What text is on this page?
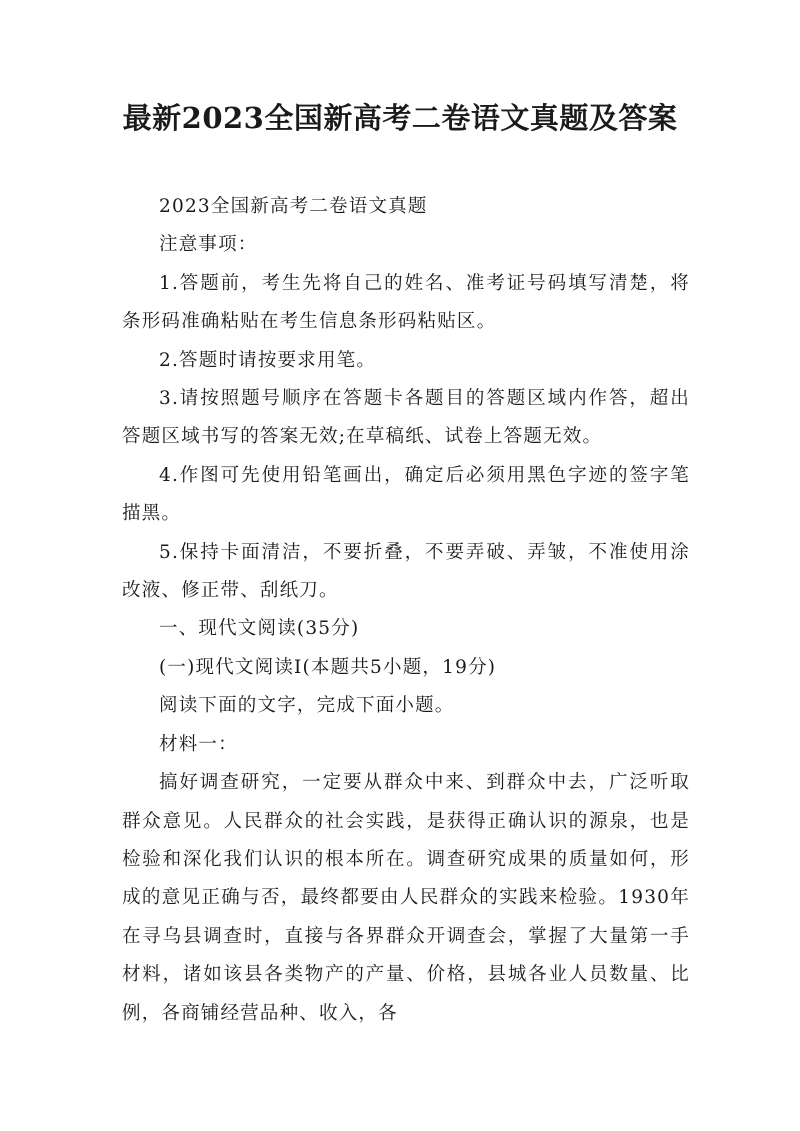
最新2023全国新高考二卷语文真题及答案

2023全国新高考二卷语文真题

注意事项：

1.答题前，考生先将自己的姓名、准考证号码填写清楚，将条形码准确粘贴在考生信息条形码粘贴区。

2.答题时请按要求用笔。

3.请按照题号顺序在答题卡各题目的答题区域内作答，超出答题区域书写的答案无效;在草稿纸、试卷上答题无效。

4.作图可先使用铅笔画出，确定后必须用黑色字迹的签字笔描黑。

5.保持卡面清洁，不要折叠，不要弄破、弄皱，不准使用涂改液、修正带、刮纸刀。

一、现代文阅读(35分)

(一)现代文阅读I(本题共5小题，19分)

阅读下面的文字，完成下面小题。

材料一：

搞好调查研究，一定要从群众中来、到群众中去，广泛听取群众意见。人民群众的社会实践，是获得正确认识的源泉，也是检验和深化我们认识的根本所在。调查研究成果的质量如何，形成的意见正确与否，最终都要由人民群众的实践来检验。1930年在寻乌县调查时，直接与各界群众开调查会，掌握了大量第一手材料，诸如该县各类物产的产量、价格，县城各业人员数量、比例，各商铺经营品种、收入，各
